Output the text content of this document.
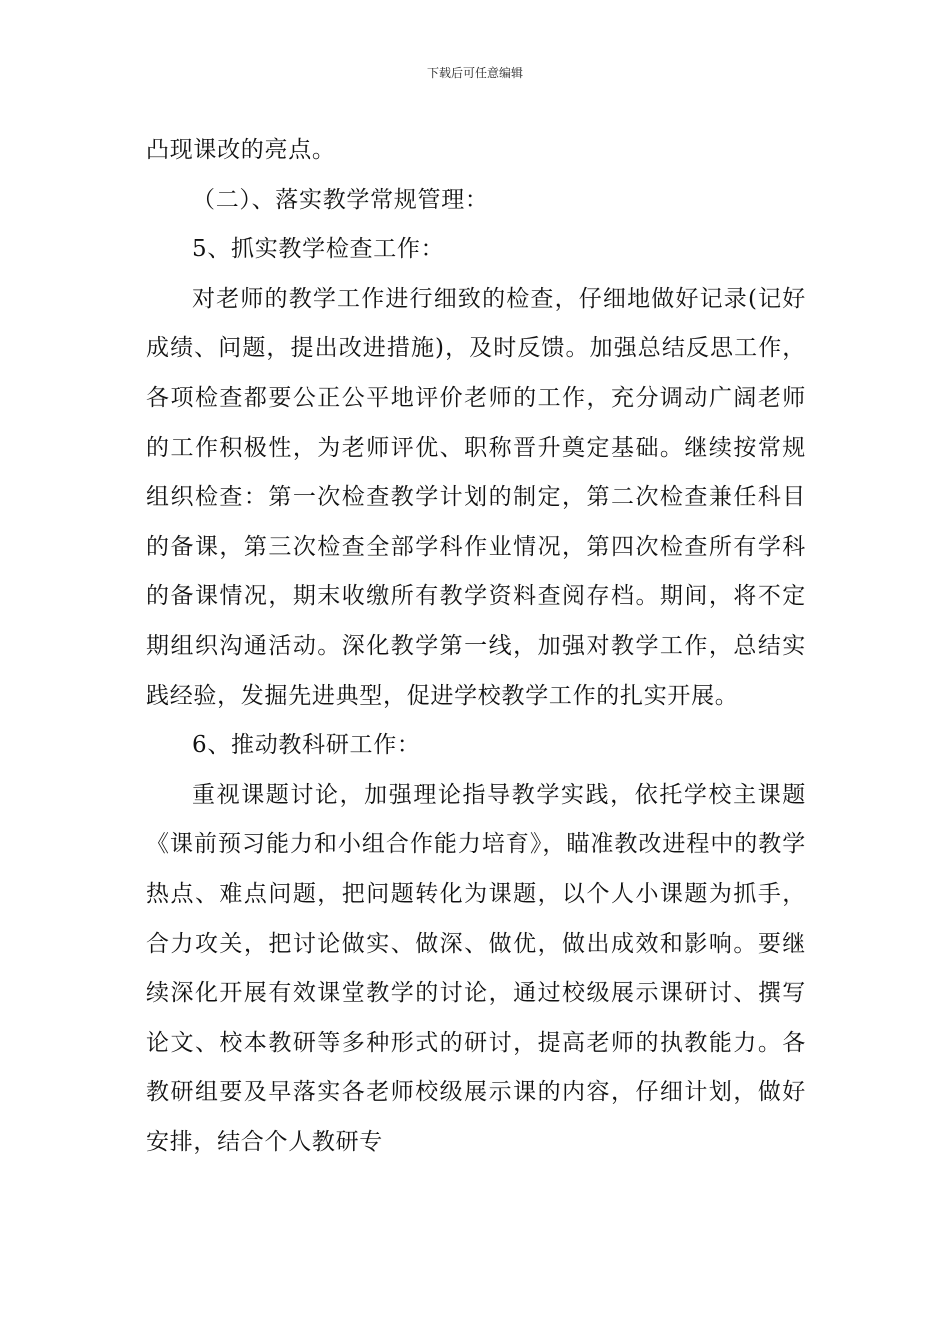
下载后可任意编辑

凸现课改的亮点。

（二）、落实教学常规管理：

5、抓实教学检查工作：

对老师的教学工作进行细致的检查，仔细地做好记录(记好成绩、问题，提出改进措施)，及时反馈。加强总结反思工作，各项检查都要公正公平地评价老师的工作，充分调动广阔老师的工作积极性，为老师评优、职称晋升奠定基础。继续按常规组织检查：第一次检查教学计划的制定，第二次检查兼任科目的备课，第三次检查全部学科作业情况，第四次检查所有学科的备课情况，期末收缴所有教学资料查阅存档。期间，将不定期组织沟通活动。深化教学第一线，加强对教学工作，总结实践经验，发掘先进典型，促进学校教学工作的扎实开展。

6、推动教科研工作：

重视课题讨论，加强理论指导教学实践，依托学校主课题《课前预习能力和小组合作能力培育》，瞄准教改进程中的教学热点、难点问题，把问题转化为课题，以个人小课题为抓手，合力攻关，把讨论做实、做深、做优，做出成效和影响。要继续深化开展有效课堂教学的讨论，通过校级展示课研讨、撰写论文、校本教研等多种形式的研讨，提高老师的执教能力。各教研组要及早落实各老师校级展示课的内容，仔细计划，做好安排，结合个人教研专
